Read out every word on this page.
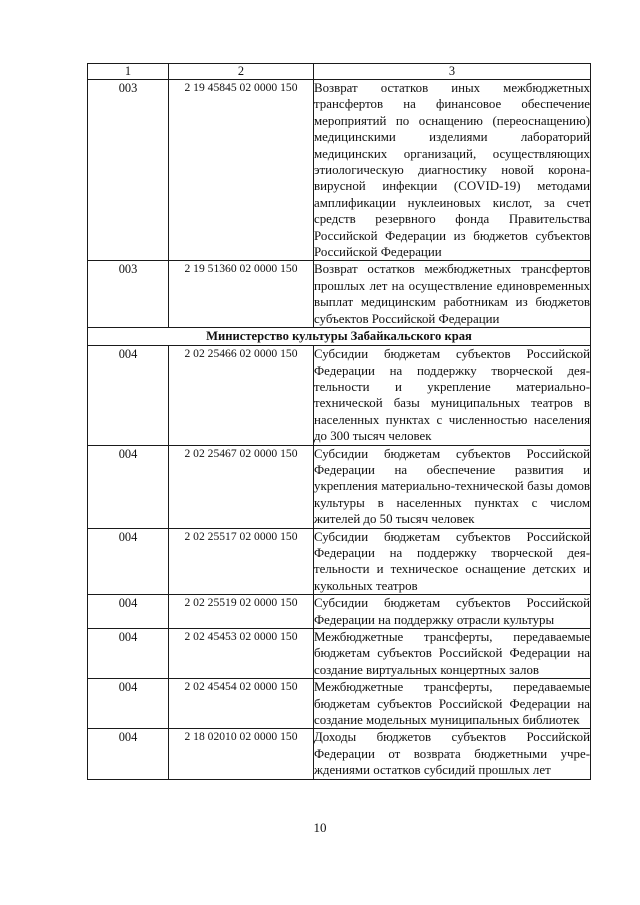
1	2	3
003	2 19 45845 02 0000 150	Возврат остатков иных межбюджетных трансфертов на финансовое обеспечение мероприятий по оснащению (переоснащению) медицинскими изделиями лабораторий медицинских организаций, осуществляющих этиологическую диагностику новой коронавирусной инфекции (COVID-19) методами амплификации нуклеиновых кислот, за счет средств резервного фонда Правительства Российской Федерации из бюджетов субъектов Российской Федерации
003	2 19 51360 02 0000 150	Возврат остатков межбюджетных трансфертов прошлых лет на осуществление единовременных выплат медицинским работникам из бюджетов субъектов Российской Федерации
Министерство культуры Забайкальского края		
004	2 02 25466 02 0000 150	Субсидии бюджетам субъектов Российской Федерации на поддержку творческой деятельности и укрепление материально-технической базы муниципальных театров в населенных пунктах с численностью населения до 300 тысяч человек
004	2 02 25467 02 0000 150	Субсидии бюджетам субъектов Российской Федерации на обеспечение развития и укрепления материально-технической базы домов культуры в населенных пунктах с числом жителей до 50 тысяч человек
004	2 02 25517 02 0000 150	Субсидии бюджетам субъектов Российской Федерации на поддержку творческой деятельности и техническое оснащение детских и кукольных театров
004	2 02 25519 02 0000 150	Субсидии бюджетам субъектов Российской Федерации на поддержку отрасли культуры
004	2 02 45453 02 0000 150	Межбюджетные трансферты, передаваемые бюджетам субъектов Российской Федерации на создание виртуальных концертных залов
004	2 02 45454 02 0000 150	Межбюджетные трансферты, передаваемые бюджетам субъектов Российской Федерации на создание модельных муниципальных библиотек
004	2 18 02010 02 0000 150	Доходы бюджетов субъектов Российской Федерации от возврата бюджетными учреждениями остатков субсидий прошлых лет
10
